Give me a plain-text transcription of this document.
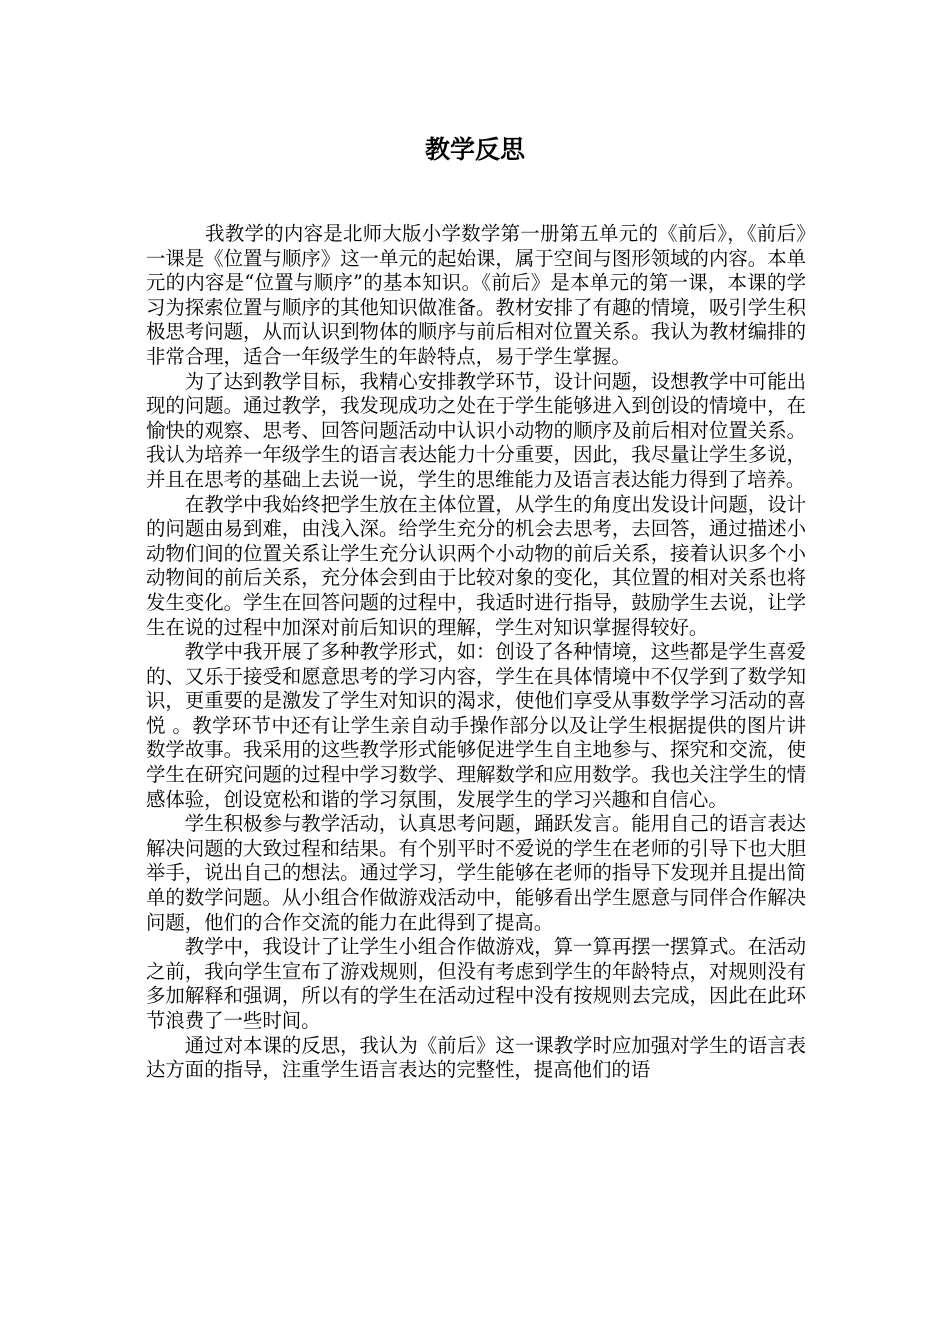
教学反思

我教学的内容是北师大版小学数学第一册第五单元的《前后》，《前后》一课是《位置与顺序》这一单元的起始课，属于空间与图形领域的内容。本单元的内容是“位置与顺序”的基本知识。《前后》是本单元的第一课，本课的学习为探索位置与顺序的其他知识做准备。教材安排了有趣的情境，吸引学生积极思考问题，从而认识到物体的顺序与前后相对位置关系。我认为教材编排的非常合理，适合一年级学生的年龄特点，易于学生掌握。

为了达到教学目标，我精心安排教学环节，设计问题，设想教学中可能出现的问题。通过教学，我发现成功之处在于学生能够进入到创设的情境中，在愉快的观察、思考、回答问题活动中认识小动物的顺序及前后相对位置关系。我认为培养一年级学生的语言表达能力十分重要，因此，我尽量让学生多说，并且在思考的基础上去说一说，学生的思维能力及语言表达能力得到了培养。

在教学中我始终把学生放在主体位置，从学生的角度出发设计问题，设计的问题由易到难，由浅入深。给学生充分的机会去思考，去回答，通过描述小动物们间的位置关系让学生充分认识两个小动物的前后关系，接着认识多个小动物间的前后关系，充分体会到由于比较对象的变化，其位置的相对关系也将发生变化。学生在回答问题的过程中，我适时进行指导，鼓励学生去说，让学生在说的过程中加深对前后知识的理解，学生对知识掌握得较好。

教学中我开展了多种教学形式，如：创设了各种情境，这些都是学生喜爱的、又乐于接受和愿意思考的学习内容，学生在具体情境中不仅学到了数学知识，更重要的是激发了学生对知识的渴求，使他们享受从事数学学习活动的喜悦 。教学环节中还有让学生亲自动手操作部分以及让学生根据提供的图片讲数学故事。我采用的这些教学形式能够促进学生自主地参与、探究和交流，使学生在研究问题的过程中学习数学、理解数学和应用数学。我也关注学生的情感体验，创设宽松和谐的学习氛围，发展学生的学习兴趣和自信心。

学生积极参与教学活动，认真思考问题，踊跃发言。能用自己的语言表达解决问题的大致过程和结果。有个别平时不爱说的学生在老师的引导下也大胆举手，说出自己的想法。通过学习，学生能够在老师的指导下发现并且提出简单的数学问题。从小组合作做游戏活动中，能够看出学生愿意与同伴合作解决问题，他们的合作交流的能力在此得到了提高。

教学中，我设计了让学生小组合作做游戏，算一算再摆一摆算式。在活动之前，我向学生宣布了游戏规则，但没有考虑到学生的年龄特点，对规则没有多加解释和强调，所以有的学生在活动过程中没有按规则去完成，因此在此环节浪费了一些时间。

通过对本课的反思，我认为《前后》这一课教学时应加强对学生的语言表达方面的指导，注重学生语言表达的完整性，提高他们的语
